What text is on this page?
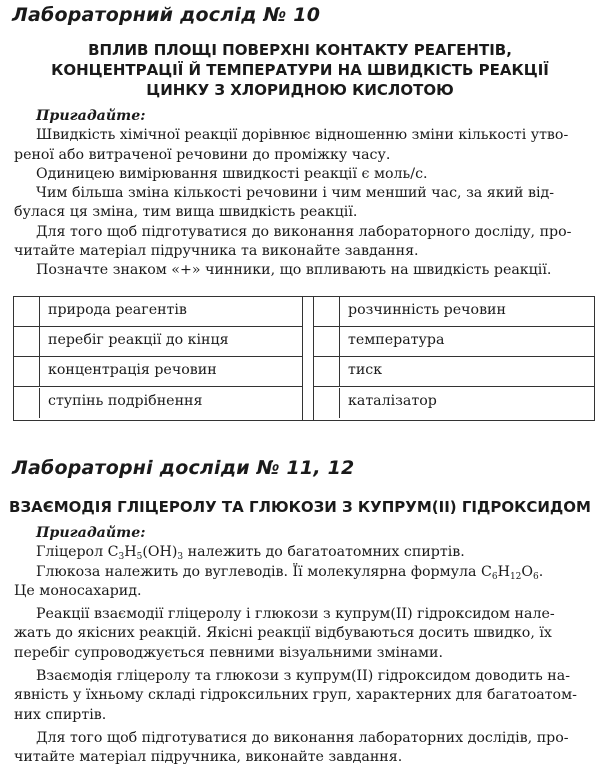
Лабораторний дослід № 10
ВПЛИВ ПЛОЩІ ПОВЕРХНІ КОНТАКТУ РЕАГЕНТІВ,
КОНЦЕНТРАЦІЇ Й ТЕМПЕРАТУРИ НА ШВИДКІСТЬ РЕАКЦІЇ
ЦИНКУ З ХЛОРИДНОЮ КИСЛОТОЮ
Пригадайте:
Швидкість хімічної реакції дорівнює відношенню зміни кількості утво-
реної або витраченої речовини до проміжку часу.
Одиницею вимірювання швидкості реакції є моль/с.
Чим більша зміна кількості речовини і чим менший час, за який від-
булася ця зміна, тим вища швидкість реакції.
Для того щоб підготуватися до виконання лабораторного досліду, про-
читайте матеріал підручника та виконайте завдання.
Позначте знаком «+» чинники, що впливають на швидкість реакції.
природа реагентів
перебіг реакції до кінця
концентрація речовин
ступінь подрібнення
розчинність речовин
температура
тиск
каталізатор
Лабораторні досліди № 11, 12
ВЗАЄМОДІЯ ГЛІЦЕРОЛУ ТА ГЛЮКОЗИ З КУПРУМ(ІІ) ГІДРОКСИДОМ
Пригадайте:
Гліцерол $C_3H_5(OH)_3$ належить до багатоатомних спиртів.
Глюкоза належить до вуглеводів. Її молекулярна формула $C_6H_{12}O_6$.
Це моносахарид.
Реакції взаємодії гліцеролу і глюкози з купрум(ІІ) гідроксидом нале-
жать до якісних реакцій. Якісні реакції відбуваються досить швидко, їх
перебіг супроводжується певними візуальними змінами.
Взаємодія гліцеролу та глюкози з купрум(ІІ) гідроксидом доводить на-
явність у їхньому складі гідроксильних груп, характерних для багатоатом-
них спиртів.
Для того щоб підготуватися до виконання лабораторних дослідів, про-
читайте матеріал підручника, виконайте завдання.
